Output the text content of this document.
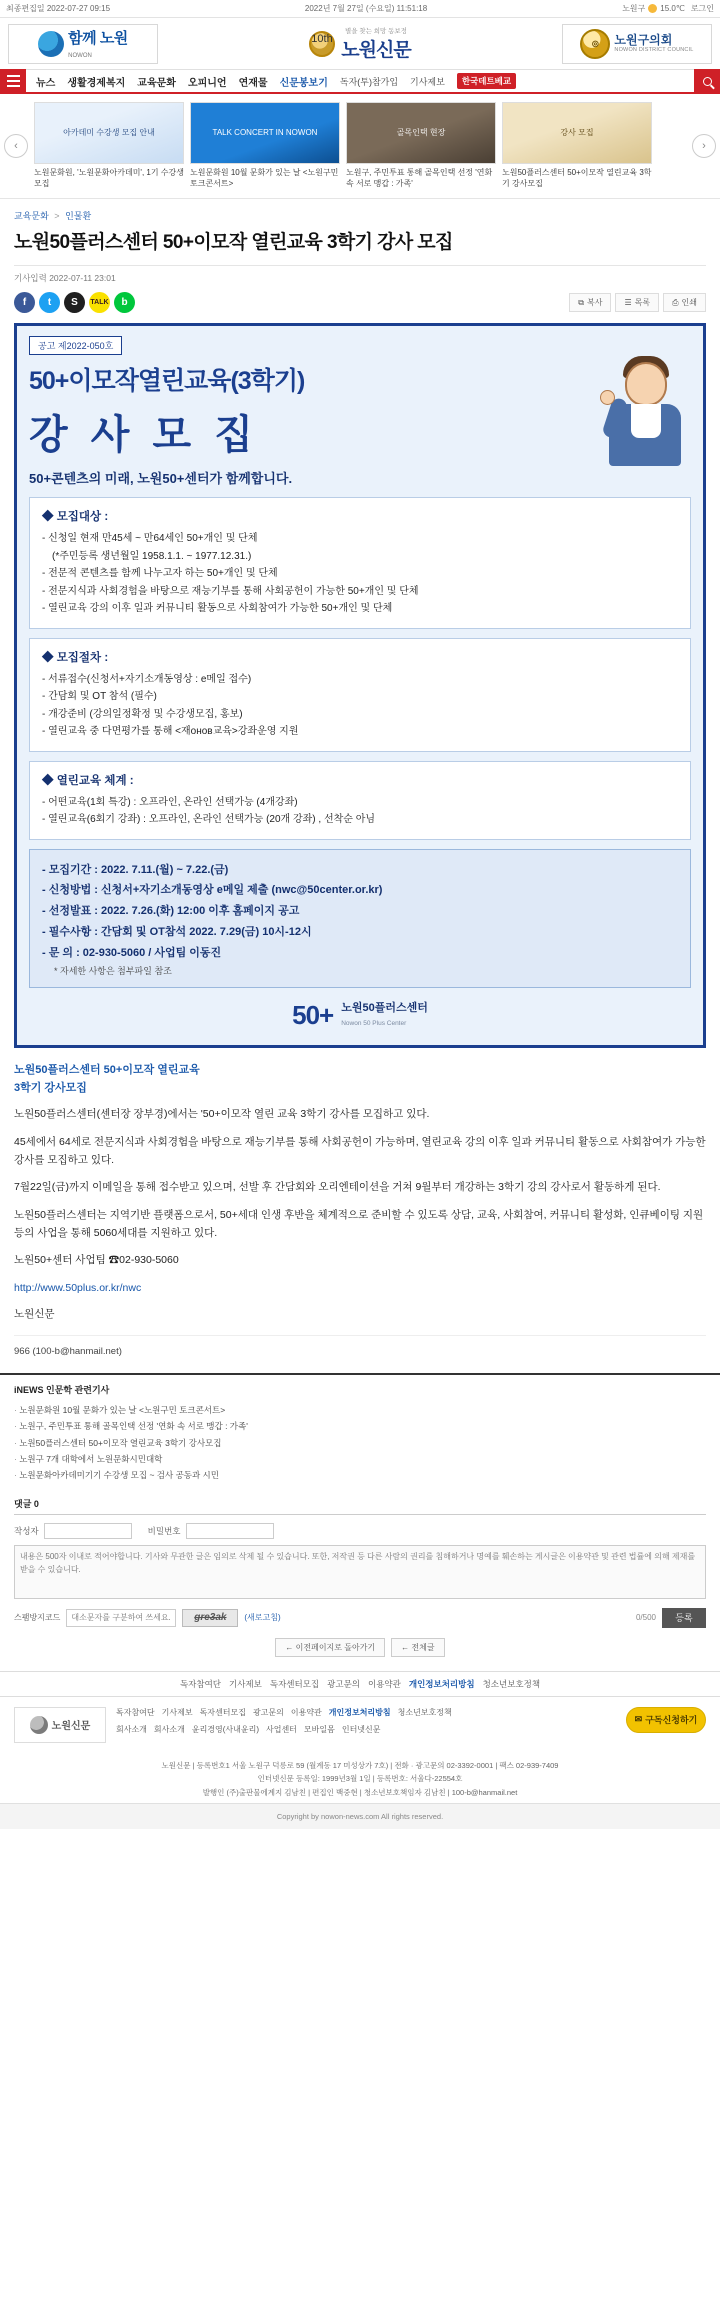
최종편집일 2022-07-27 09:15	2022년 7월 27일 (수요일) 11:51:18	노원구 15.0℃ 로그인
함께 노원
NOWON
10th
별을 찾는 희망 동보정
노원신문	◎	노원구의회
NOWON DISTRICT COUNCIL
뉴스 생활경제복지 교육문화 오피니언 연재물 신문봉보기 독자(투)참가입 기사제보	한국데트베교
‹
아카데미 수강생 모집 안내
노원문화원, '노원문화아카데미', 1기 수강생 모집
TALK CONCERT IN NOWON
노원문화원 10월 문화가 있는 날 <노원구민 토크콘서트>
골목인택 현장
노원구, 주민투표 통해 골목인택 선정 '연화 속 서로 맹갑 : 가족'
강사 모집
노원50플러스센터 50+이모작 열린교육 3학기 강사모집
›
교육문화 > 인물환
노원50플러스센터 50+이모작 열린교육 3학기 강사 모집
기사입력 2022-07-11 23:01
f	t	S	TALK	b	⧉ 복사	☰ 목록	⎙ 인쇄
공고 제2022-050호
50+이모작열린교육(3학기)
강 사 모 집
50+콘텐츠의 미래, 노원50+센터가 함께합니다.
◆ 모집대상 :
- 신청일 현재 만45세 ~ 만64세인 50+개인 및 단체
(*주민등록 생년월일 1958.1.1. ~ 1977.12.31.)
- 전문적 콘텐츠를 함께 나누고자 하는 50+개인 및 단체
- 전문지식과 사회경험을 바탕으로 재능기부를 통해 사회공헌이 가능한 50+개인 및 단체
- 열린교육 강의 이후 일과 커뮤니티 활동으로 사회참여가 가능한 50+개인 및 단체
◆ 모집절차 :
- 서류접수(신청서+자기소개동영상 : e메일 접수)
- 간담회 및 OT 참석 (필수)
- 개강준비 (강의일정확정 및 수강생모집, 홍보)
- 열린교육 중 다면평가를 통해 <재онов교육>강좌운영 지원
◆ 열린교육 체계 :
- 어떤교육(1회 특강) : 오프라인, 온라인 선택가능 (4개강좌)
- 열린교육(6회기 강좌) : 오프라인, 온라인 선택가능 (20개 강좌) , 선착순 아님
- 모집기간 : 2022. 7.11.(월) ~ 7.22.(금)
- 신청방법 : 신청서+자기소개동영상 e메일 제출 (nwc@50center.or.kr)
- 선정발표 : 2022. 7.26.(화) 12:00 이후 홈페이지 공고
- 필수사항 : 간담회 및 OT참석 2022. 7.29(금) 10시-12시
- 문 의 : 02-930-5060 / 사업팀 이동진
* 자세한 사항은 첨부파일 참조
50+ 노원50플러스센터
Nowon 50 Plus Center
노원50플러스센터 50+이모작 열린교육
3학기 강사모집

노원50플러스센터(센터장 장부경)에서는 '50+이모작 열린 교육 3학기 강사를 모집하고 있다.

45세에서 64세로 전문지식과 사회경험을 바탕으로 재능기부를 통해 사회공헌이 가능하며, 열린교육 강의 이후 일과 커뮤니티 활동으로 사회참여가 가능한 강사를 모집하고 있다.

7월22일(금)까지 이메일을 통해 접수받고 있으며, 선발 후 간담회와 오리엔테이션을 거쳐 9월부터 개강하는 3학기 강의 강사로서 활동하게 된다.

노원50플러스센터는 지역기반 플랫폼으로서, 50+세대 인생 후반을 체계적으로 준비할 수 있도록 상담, 교육, 사회참여, 커뮤니티 활성화, 인큐베이팅 지원 등의 사업을 통해 5060세대를 지원하고 있다.

노원50+센터 사업팀 ☎02-930-5060

http://www.50plus.or.kr/nwc

노원신문

966 (100-b@hanmail.net)
iNEWS 인문학 관련기사
· 노원문화원 10월 문화가 있는 날 <노원구민 토크콘서트>
· 노원구, 주민투표 통해 골목인택 선정 '연화 속 서로 맹갑 : 가족'
· 노원50플러스센터 50+이모작 열린교육 3학기 강사모집
· 노원구 7개 대학에서 노원문화시민대학
· 노원문화아카데미기기 수강생 모집 ~ 검사 공동과 시민
댓글 0
작성자	비밀번호
내용은 500자 이내로 적어야합니다. 기사와 무관한 글은 임의로 삭제 될 수 있습니다. 또한, 저작권 등 다른 사람의 권리를 침해하거나 명예를 훼손하는 게시글은 이용약관 및 관련 법률에 의해 제재를 받을 수 있습니다.
스팸방지코드
대소문자를 구분하여 쓰세요.	gre3ak	(새로고침)	0/500	등록
← 이전페이지로 돌아가기	← 전체글
독자참여단 기사제보 독자센터모집 광고문의 이용약관 개인정보처리방침 청소년보호정책
노원신문
독자참여단 기사제보 독자센터모집 광고문의 이용약관 개인정보처리방침 청소년보호정책
회사소개 회사소개 윤리경영(사내윤리) 사업센터 모바일몸 인터넷신문
✉ 구독신청하기

노원신문 | 등록번호1 서울 노원구 덕릉로 59 (월계동 17 미성상가 7호) | 전화 · 광고문의 02-3392-0001 | 팩스 02-939-7409

인터넷신문 등록일: 1999년3월 1일 | 등록번호: 서울다-22554호

발행인 (주)출판물에계지 김남친 | 편집인 백중현 | 청소년보호책임자 김남친 | 100-b@hanmail.net

Copyright by nowon-news.com All rights reserved.
